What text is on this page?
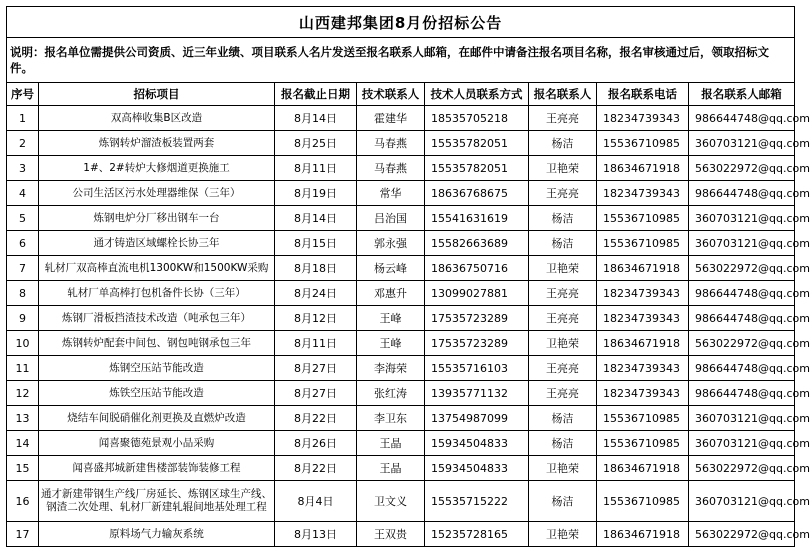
山西建邦集团8月份招标公告							
说明：报名单位需提供公司资质、近三年业绩、项目联系人名片发送至报名联系人邮箱，在邮件中请备注报名项目名称，报名审核通过后，领取招标文件。							
序号	招标项目	报名截止日期	技术联系人	技术人员联系方式	报名联系人	报名联系电话	报名联系人邮箱
1	双高棒收集B区改造	8月14日	霍建华	18535705218	王亮亮	18234739343	986644748@qq.com
2	炼钢转炉溜渣板装置两套	8月25日	马春燕	15535782051	杨洁	15536710985	360703121@qq.com
3	1#、2#转炉大修烟道更换施工	8月11日	马春燕	15535782051	卫艳荣	18634671918	563022972@qq.com
4	公司生活区污水处理器维保（三年）	8月19日	常华	18636768675	王亮亮	18234739343	986644748@qq.com
5	炼钢电炉分厂移出钢车一台	8月14日	吕治国	15541631619	杨洁	15536710985	360703121@qq.com
6	通才铸造区域螺栓长协三年	8月15日	郭永强	15582663689	杨洁	15536710985	360703121@qq.com
7	轧材厂双高棒直流电机1300KW和1500KW采购	8月18日	杨云峰	18636750716	卫艳荣	18634671918	563022972@qq.com
8	轧材厂单高棒打包机备件长协（三年）	8月24日	邓惠升	13099027881	王亮亮	18234739343	986644748@qq.com
9	炼钢厂滑板挡渣技术改造（吨承包三年）	8月12日	王峰	17535723289	王亮亮	18234739343	986644748@qq.com
10	炼钢转炉配套中间包、钢包吨钢承包三年	8月11日	王峰	17535723289	卫艳荣	18634671918	563022972@qq.com
11	炼钢空压站节能改造	8月27日	李海荣	15535716103	王亮亮	18234739343	986644748@qq.com
12	炼铁空压站节能改造	8月27日	张红涛	13935771132	王亮亮	18234739343	986644748@qq.com
13	烧结车间脱硝催化剂更换及直燃炉改造	8月22日	李卫东	13754987099	杨洁	15536710985	360703121@qq.com
14	闻喜聚德苑景观小品采购	8月26日	王晶	15934504833	杨洁	15536710985	360703121@qq.com
15	闻喜盛邦城新建售楼部装饰装修工程	8月22日	王晶	15934504833	卫艳荣	18634671918	563022972@qq.com
16	通才新建带钢生产线厂房延长、炼钢区球生产线、钢渣二次处理、轧材厂新建轧辊间地基处理工程	8月4日	卫文义	15535715222	杨洁	15536710985	360703121@qq.com
17	原料场气力输灰系统	8月13日	王双贵	15235728165	卫艳荣	18634671918	563022972@qq.com
